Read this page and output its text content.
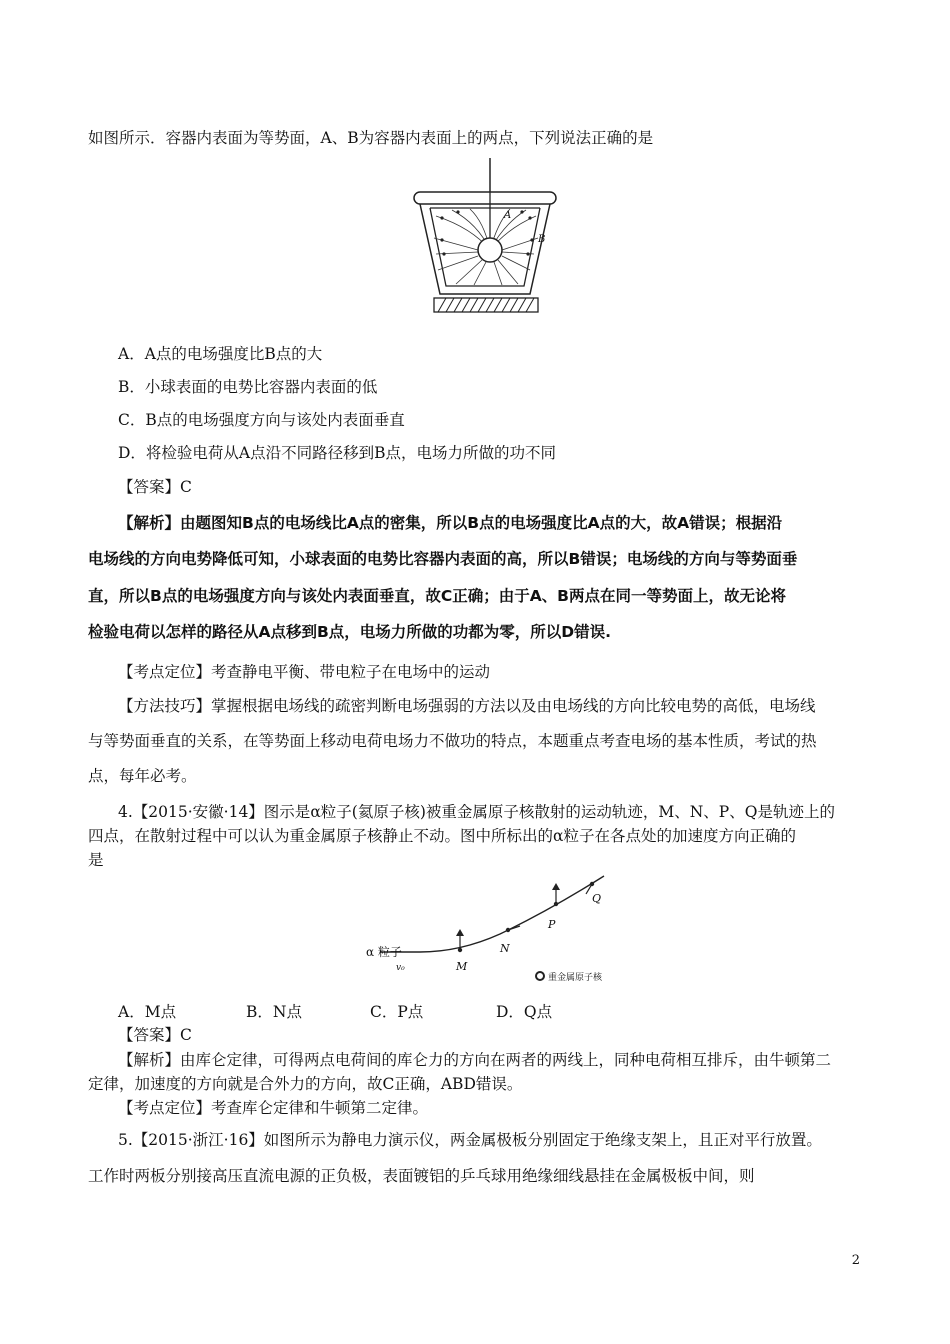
如图所示．容器内表面为等势面，A、B为容器内表面上的两点，下列说法正确的是
A
B
A．A点的电场强度比B点的大
B．小球表面的电势比容器内表面的低
C．B点的电场强度方向与该处内表面垂直
D．将检验电荷从A点沿不同路径移到B点，电场力所做的功不同
【答案】C
【解析】由题图知B点的电场线比A点的密集，所以B点的电场强度比A点的大，故A错误；根据沿
电场线的方向电势降低可知，小球表面的电势比容器内表面的高，所以B错误；电场线的方向与等势面垂
直，所以B点的电场强度方向与该处内表面垂直，故C正确；由于A、B两点在同一等势面上，故无论将
检验电荷以怎样的路径从A点移到B点，电场力所做的功都为零，所以D错误.
【考点定位】考查静电平衡、带电粒子在电场中的运动
【方法技巧】掌握根据电场线的疏密判断电场强弱的方法以及由电场线的方向比较电势的高低，电场线
与等势面垂直的关系，在等势面上移动电荷电场力不做功的特点，本题重点考查电场的基本性质，考试的热
点，每年必考。
4.【2015·安徽·14】图示是α粒子(氦原子核)被重金属原子核散射的运动轨迹，M、N、P、Q是轨迹上的
四点，在散射过程中可以认为重金属原子核静止不动。图中所标出的α粒子在各点处的加速度方向正确的
是
α 粒子
v₀	M
N
P
Q
重金属原子核
A．M点	B．N点	C．P点	D．Q点
【答案】C
【解析】由库仑定律，可得两点电荷间的库仑力的方向在两者的两线上，同种电荷相互排斥，由牛顿第二
定律，加速度的方向就是合外力的方向，故C正确，ABD错误。
【考点定位】考查库仑定律和牛顿第二定律。
5.【2015·浙江·16】如图所示为静电力演示仪，两金属极板分别固定于绝缘支架上，且正对平行放置。
工作时两板分别接高压直流电源的正负极，表面镀铝的乒乓球用绝缘细线悬挂在金属极板中间，则
2
